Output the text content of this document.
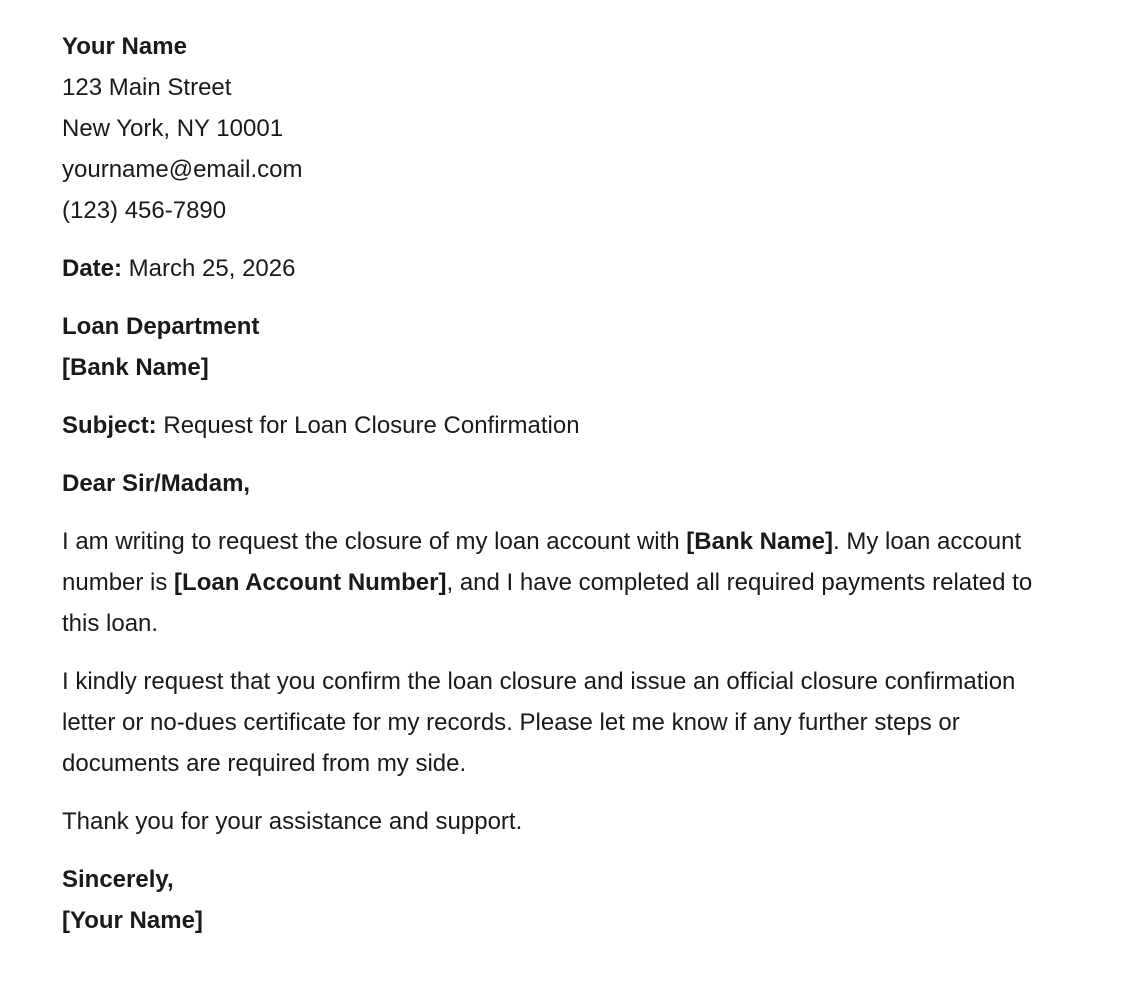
Your Name
123 Main Street
New York, NY 10001
yourname@email.com
(123) 456-7890

Date: March 25, 2026

Loan Department
[Bank Name]

Subject: Request for Loan Closure Confirmation

Dear Sir/Madam,

I am writing to request the closure of my loan account with [Bank Name]. My loan account number is [Loan Account Number], and I have completed all required payments related to this loan.

I kindly request that you confirm the loan closure and issue an official closure confirmation letter or no-dues certificate for my records. Please let me know if any further steps or documents are required from my side.

Thank you for your assistance and support.

Sincerely,
[Your Name]
